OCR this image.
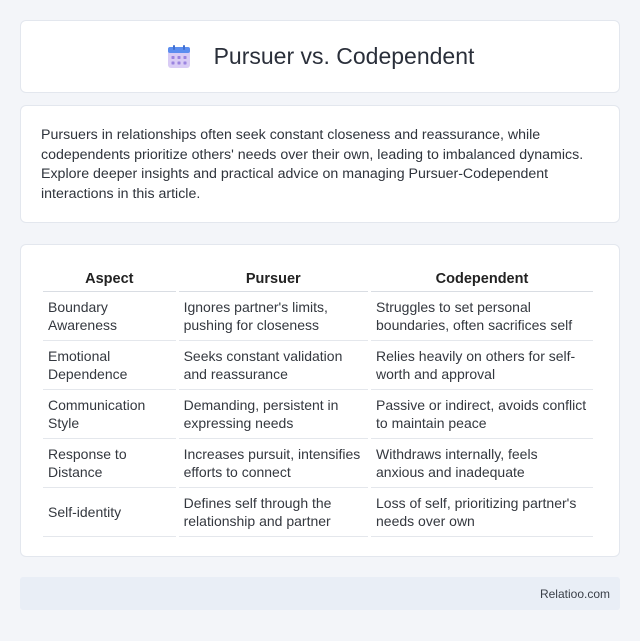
Pursuer vs. Codependent

Pursuers in relationships often seek constant closeness and reassurance, while codependents prioritize others' needs over their own, leading to imbalanced dynamics. Explore deeper insights and practical advice on managing Pursuer-Codependent interactions in this article.

Aspect	Pursuer	Codependent
Boundary Awareness	Ignores partner's limits, pushing for closeness	Struggles to set personal boundaries, often sacrifices self
Emotional Dependence	Seeks constant validation and reassurance	Relies heavily on others for self-worth and approval
Communication Style	Demanding, persistent in expressing needs	Passive or indirect, avoids conflict to maintain peace
Response to Distance	Increases pursuit, intensifies efforts to connect	Withdraws internally, feels anxious and inadequate
Self-identity	Defines self through the relationship and partner	Loss of self, prioritizing partner's needs over own
Relatioo.com
